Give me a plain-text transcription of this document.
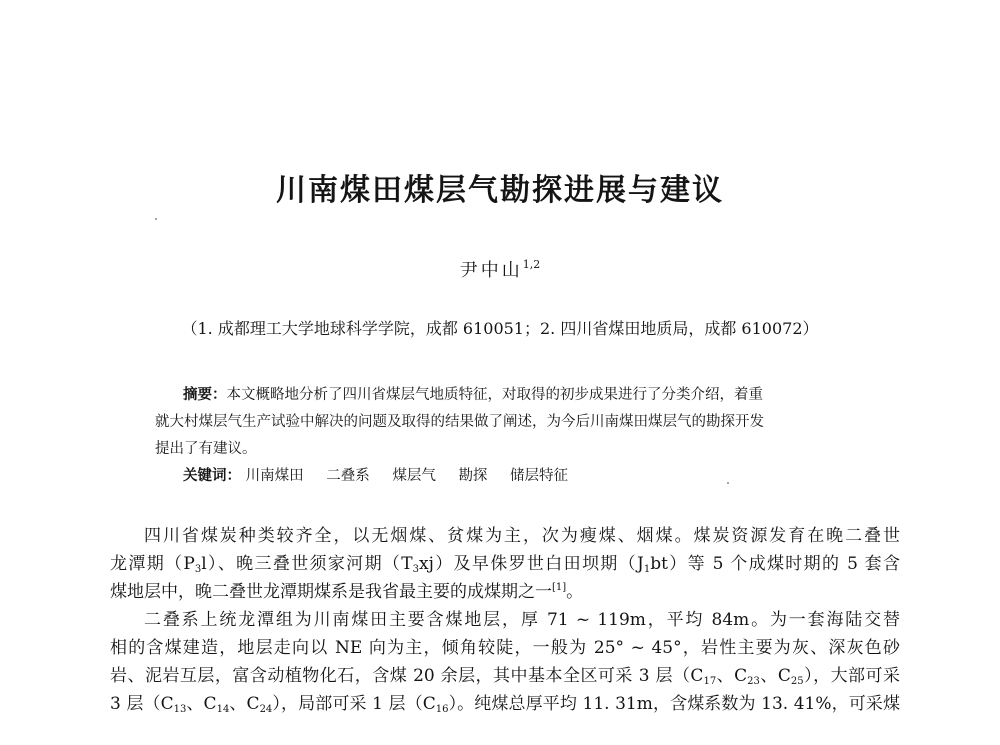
川南煤田煤层气勘探进展与建议
尹中山$^{1,2}$
（1. 成都理工大学地球科学学院，成都 610051；2. 四川省煤田地质局，成都 610072）
摘要：本文概略地分析了四川省煤层气地质特征，对取得的初步成果进行了分类介绍，着重
就大村煤层气生产试验中解决的问题及取得的结果做了阐述，为今后川南煤田煤层气的勘探开发
提出了有建议。
关键词： 川南煤田 二叠系 煤层气 勘探 储层特征
四川省煤炭种类较齐全，以无烟煤、贫煤为主，次为瘦煤、烟煤。煤炭资源发育在晚二叠世
龙潭期$(P_3l)$、晚三叠世须家河期$(T_3xj)$及早侏罗世白田坝期$(J_1bt)$等 5 个成煤时期的 5 套含
煤地层中，晚二叠世龙潭期煤系是我省最主要的成煤期之一[1]。
二叠系上统龙潭组为川南煤田主要含煤地层，厚 71 ~ 119m，平均 84m。为一套海陆交替
相的含煤建造，地层走向以 NE 向为主，倾角较陡，一般为 25° ~ 45°，岩性主要为灰、深灰色砂
岩、泥岩互层，富含动植物化石，含煤 20 余层，其中基本全区可采 3 层（$C_{17}$、$C_{23}$、$C_{25}$），大部可采
3 层（$C_{13}$、$C_{14}$、$C_{24}$），局部可采 1 层$(C_{16})$。纯煤总厚平均 11. 31m，含煤系数为 13. 41%，可采煤
